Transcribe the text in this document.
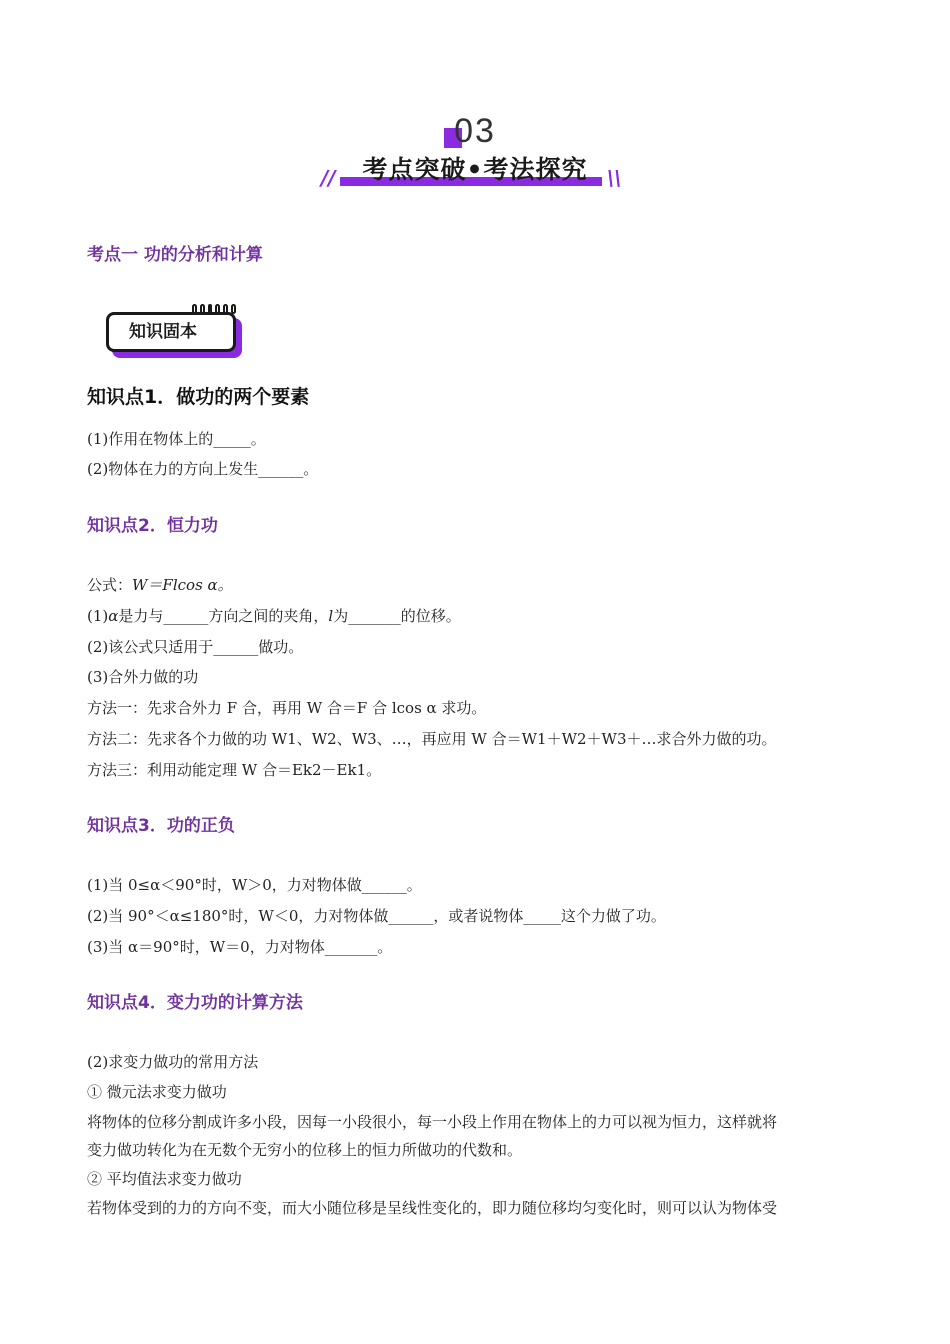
03
考点突破•考法探究
//	\\
考点一 功的分析和计算
知识固本
知识点1．做功的两个要素
(1)作用在物体上的_____。
(2)物体在力的方向上发生______。
知识点2．恒力功
公式：W＝Flcos α。
(1)α是力与______方向之间的夹角，l为_______的位移。
(2)该公式只适用于______做功。
(3)合外力做的功
方法一：先求合外力 F 合，再用 W 合＝F 合 lcos α 求功。
方法二：先求各个力做的功 W1、W2、W3、…，再应用 W 合＝W1＋W2＋W3＋…求合外力做的功。
方法三：利用动能定理 W 合＝Ek2－Ek1。
知识点3．功的正负
(1)当 0≤α＜90°时，W＞0，力对物体做______。
(2)当 90°＜α≤180°时，W＜0，力对物体做______，或者说物体_____这个力做了功。
(3)当 α＝90°时，W＝0，力对物体_______。
知识点4．变力功的计算方法
(2)求变力做功的常用方法
① 微元法求变力做功
将物体的位移分割成许多小段，因每一小段很小，每一小段上作用在物体上的力可以视为恒力，这样就将
变力做功转化为在无数个无穷小的位移上的恒力所做功的代数和。
② 平均值法求变力做功
若物体受到的力的方向不变，而大小随位移是呈线性变化的，即力随位移均匀变化时，则可以认为物体受
